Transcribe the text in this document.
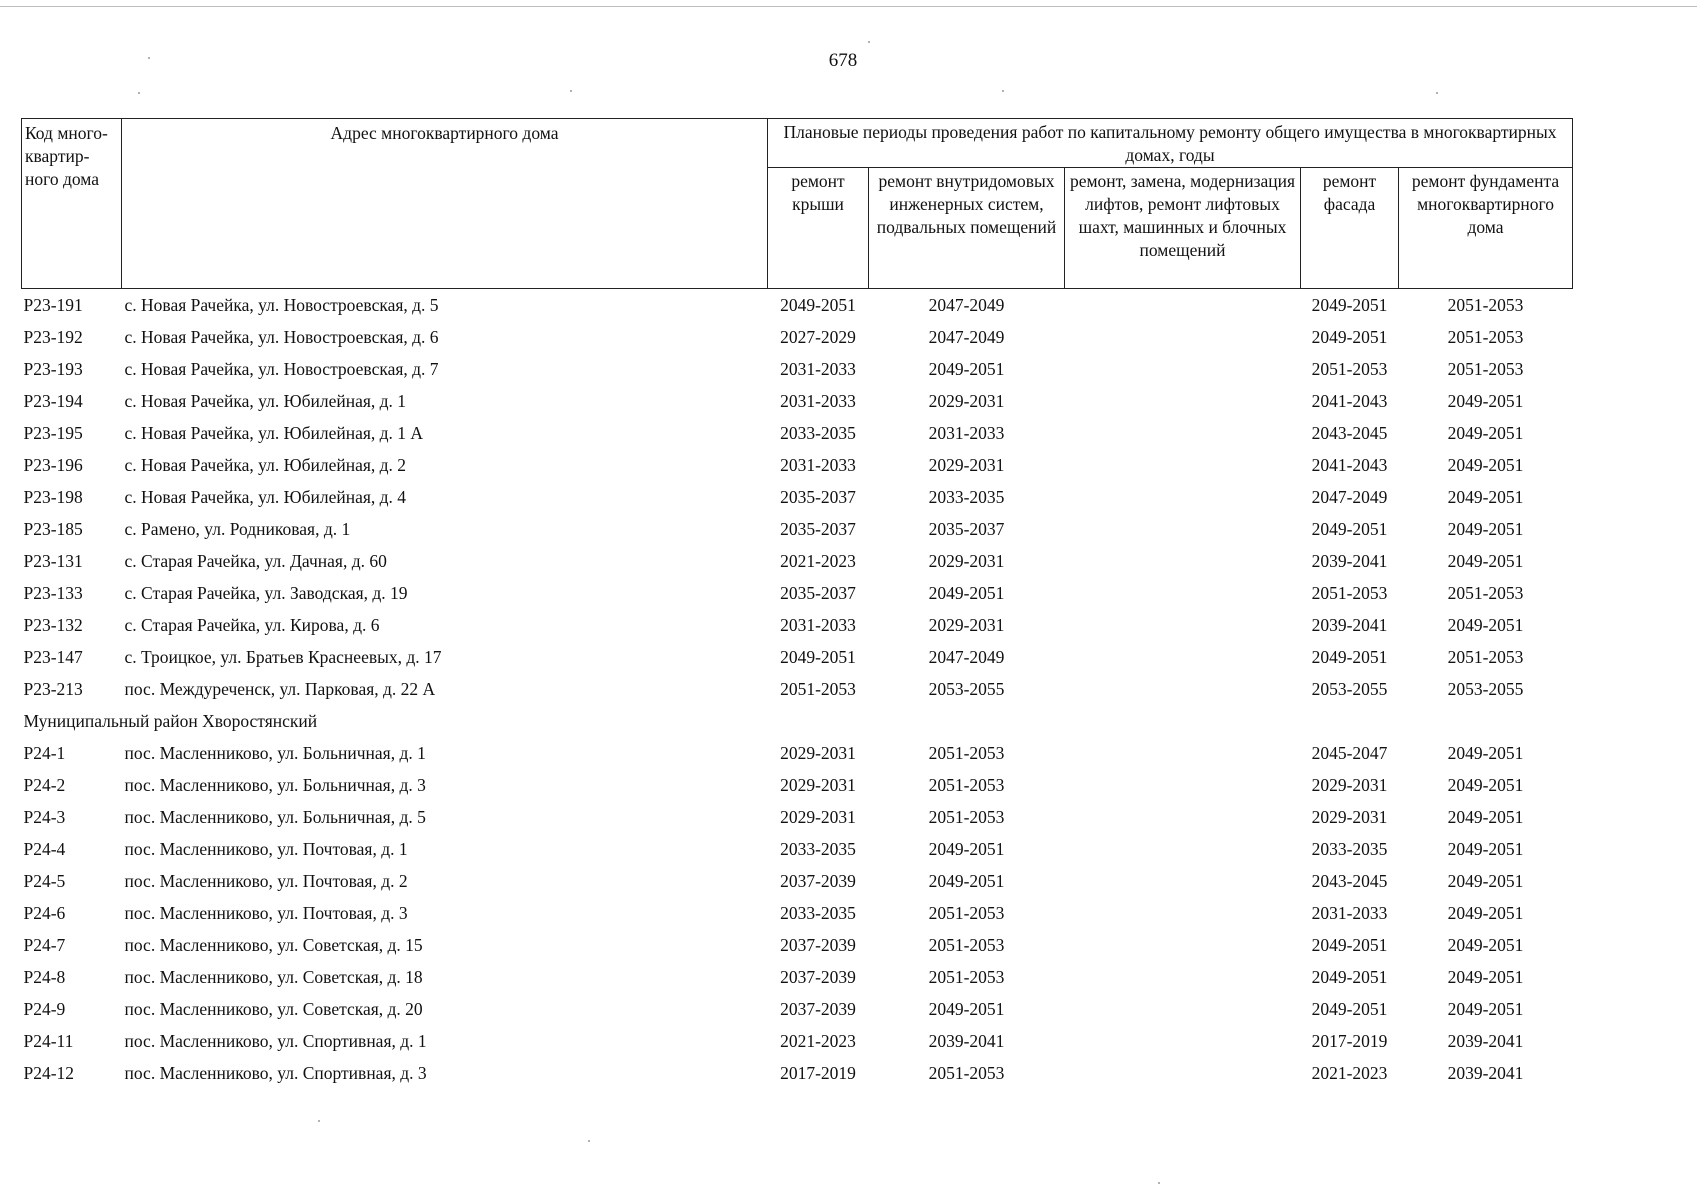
678
Код много-квартир-ного дома	Адрес многоквартирного дома	Плановые периоды проведения работ по капитальному ремонту общего имущества в многоквартирных домах, годы				
		ремонт крыши	ремонт внутридомовых инженерных систем, подвальных помещений	ремонт, замена, модернизация лифтов, ремонт лифтовых шахт, машинных и блочных помещений	ремонт фасада	ремонт фундамента многоквартирного дома
Р23-191	с. Новая Рачейка, ул. Новостроевская, д. 5	2049-2051	2047-2049		2049-2051	2051-2053
Р23-192	с. Новая Рачейка, ул. Новостроевская, д. 6	2027-2029	2047-2049		2049-2051	2051-2053
Р23-193	с. Новая Рачейка, ул. Новостроевская, д. 7	2031-2033	2049-2051		2051-2053	2051-2053
Р23-194	с. Новая Рачейка, ул. Юбилейная, д. 1	2031-2033	2029-2031		2041-2043	2049-2051
Р23-195	с. Новая Рачейка, ул. Юбилейная, д. 1 А	2033-2035	2031-2033		2043-2045	2049-2051
Р23-196	с. Новая Рачейка, ул. Юбилейная, д. 2	2031-2033	2029-2031		2041-2043	2049-2051
Р23-198	с. Новая Рачейка, ул. Юбилейная, д. 4	2035-2037	2033-2035		2047-2049	2049-2051
Р23-185	с. Рамено, ул. Родниковая, д. 1	2035-2037	2035-2037		2049-2051	2049-2051
Р23-131	с. Старая Рачейка, ул. Дачная, д. 60	2021-2023	2029-2031		2039-2041	2049-2051
Р23-133	с. Старая Рачейка, ул. Заводская, д. 19	2035-2037	2049-2051		2051-2053	2051-2053
Р23-132	с. Старая Рачейка, ул. Кирова, д. 6	2031-2033	2029-2031		2039-2041	2049-2051
Р23-147	с. Троицкое, ул. Братьев Краснеевых, д. 17	2049-2051	2047-2049		2049-2051	2051-2053
Р23-213	пос. Междуреченск, ул. Парковая, д. 22 А	2051-2053	2053-2055		2053-2055	2053-2055
Муниципальный район Хворостянский						
Р24-1	пос. Масленниково, ул. Больничная, д. 1	2029-2031	2051-2053		2045-2047	2049-2051
Р24-2	пос. Масленниково, ул. Больничная, д. 3	2029-2031	2051-2053		2029-2031	2049-2051
Р24-3	пос. Масленниково, ул. Больничная, д. 5	2029-2031	2051-2053		2029-2031	2049-2051
Р24-4	пос. Масленниково, ул. Почтовая, д. 1	2033-2035	2049-2051		2033-2035	2049-2051
Р24-5	пос. Масленниково, ул. Почтовая, д. 2	2037-2039	2049-2051		2043-2045	2049-2051
Р24-6	пос. Масленниково, ул. Почтовая, д. 3	2033-2035	2051-2053		2031-2033	2049-2051
Р24-7	пос. Масленниково, ул. Советская, д. 15	2037-2039	2051-2053		2049-2051	2049-2051
Р24-8	пос. Масленниково, ул. Советская, д. 18	2037-2039	2051-2053		2049-2051	2049-2051
Р24-9	пос. Масленниково, ул. Советская, д. 20	2037-2039	2049-2051		2049-2051	2049-2051
Р24-11	пос. Масленниково, ул. Спортивная, д. 1	2021-2023	2039-2041		2017-2019	2039-2041
Р24-12	пос. Масленниково, ул. Спортивная, д. 3	2017-2019	2051-2053		2021-2023	2039-2041
